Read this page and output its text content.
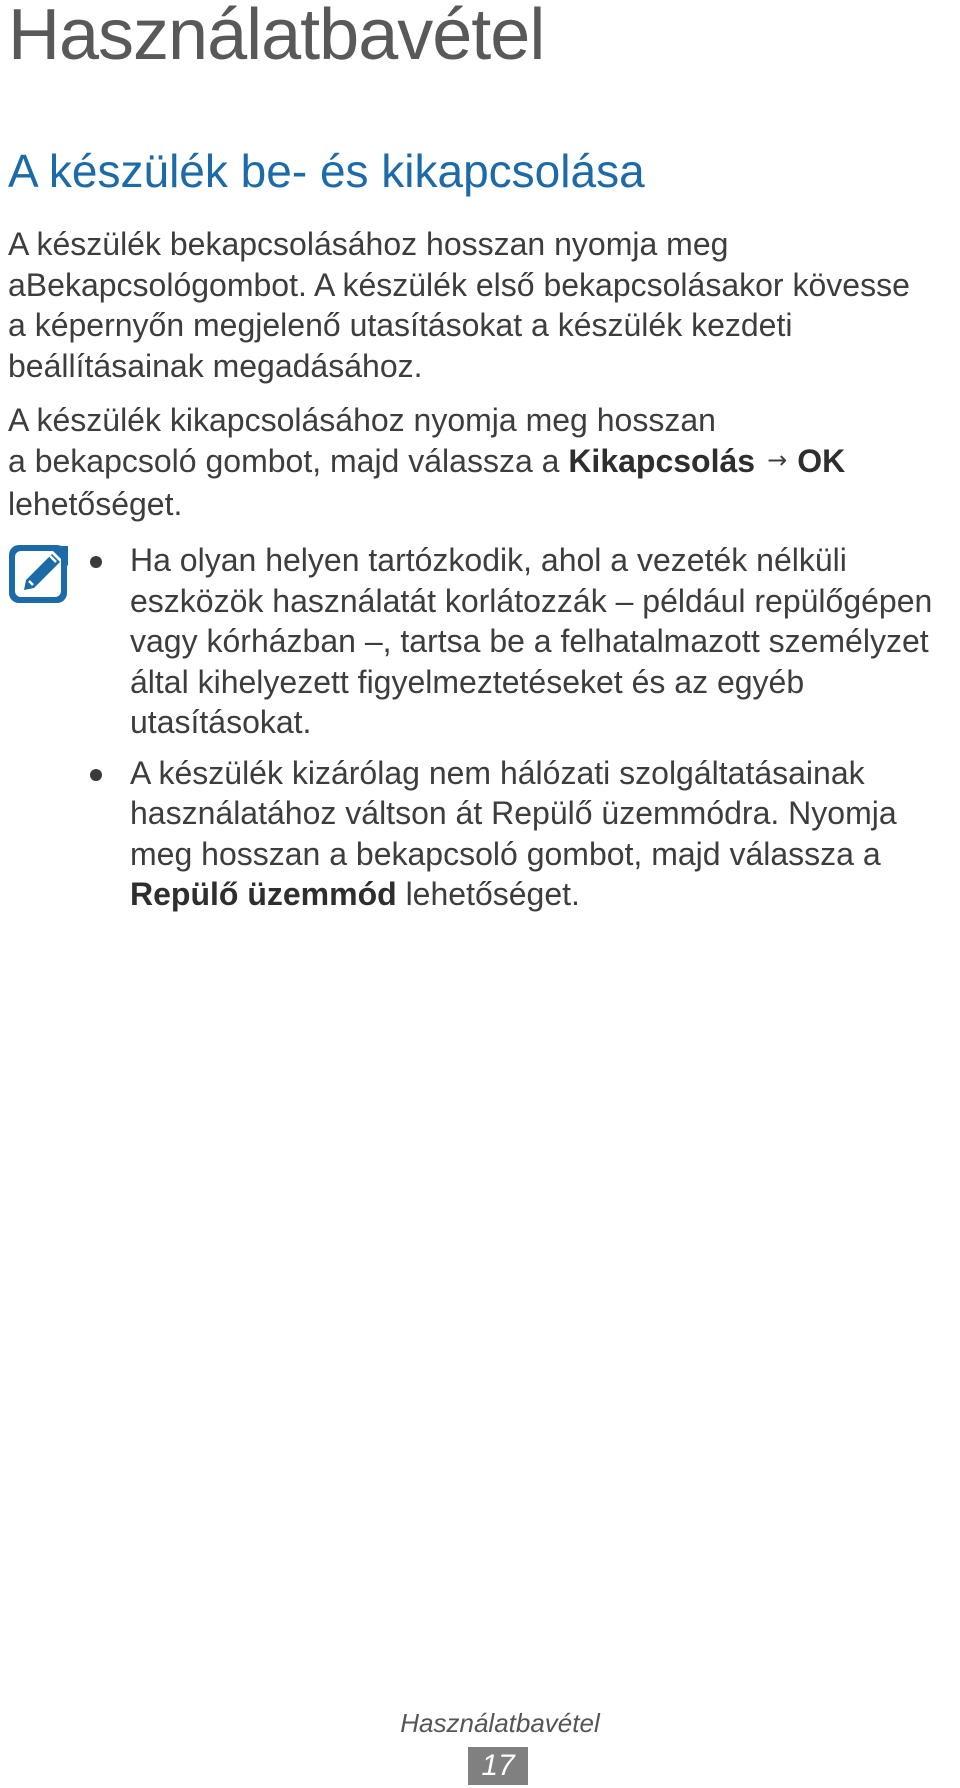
Használatbavétel
A készülék be- és kikapcsolása

A készülék bekapcsolásához hosszan nyomja meg
aBekapcsológombot. A készülék első bekapcsolásakor kövesse
a képernyőn megjelenő utasításokat a készülék kezdeti
beállításainak megadásához.

A készülék kikapcsolásához nyomja meg hosszan
a bekapcsoló gombot, majd válassza a Kikapcsolás → OK
lehetőséget.

Ha olyan helyen tartózkodik, ahol a vezeték nélküli
eszközök használatát korlátozzák – például repülőgépen
vagy kórházban –, tartsa be a felhatalmazott személyzet
által kihelyezett figyelmeztetéseket és az egyéb
utasításokat.
A készülék kizárólag nem hálózati szolgáltatásainak
használatához váltson át Repülő üzemmódra. Nyomja
meg hosszan a bekapcsoló gombot, majd válassza a
Repülő üzemmód lehetőséget.

Használatbavétel

17
